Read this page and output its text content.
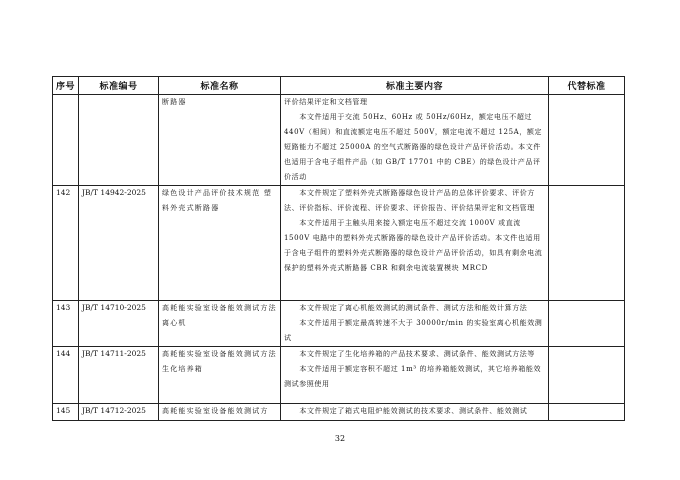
序号	标准编号	标准名称	标准主要内容	代替标准

		断路器	评价结果评定和文档管理

本文件适用于交流 50Hz、60Hz 或 50Hz/60Hz，额定电压不超过 440V（相间）和直流额定电压不超过 500V，额定电流不超过 125A，额定短路能力不超过 25000A 的空气式断路器的绿色设计产品评价活动。本文件也适用于含电子组件产品（如 GB/T 17701 中的 CBE）的绿色设计产品评价活动	

142	JB/T 14942-2025	绿色设计产品评价技术规范 塑料外壳式断路器	本文件规定了塑料外壳式断路器绿色设计产品的总体评价要求、评价方法、评价指标、评价流程、评价要求、评价报告、评价结果评定和文档管理

本文件适用于主触头用来接入额定电压不超过交流 1000V 或直流 1500V 电路中的塑料外壳式断路器的绿色设计产品评价活动。本文件也适用于含电子组件的塑料外壳式断路器的绿色设计产品评价活动，如具有剩余电流保护的塑料外壳式断路器 CBR 和剩余电流装置模块 MRCD	

143	JB/T 14710-2025	高耗能实验室设备能效测试方法 离心机	本文件规定了离心机能效测试的测试条件、测试方法和能效计算方法

本文件适用于额定最高转速不大于 30000r/min 的实验室离心机能效测试	

144	JB/T 14711-2025	高耗能实验室设备能效测试方法 生化培养箱	本文件规定了生化培养箱的产品技术要求、测试条件、能效测试方法等

本文件适用于额定容积不超过 1m³ 的培养箱能效测试，其它培养箱能效测试参照使用	

145	JB/T 14712-2025	高耗能实验室设备能效测试方	本文件规定了箱式电阻炉能效测试的技术要求、测试条件、能效测试	

32
